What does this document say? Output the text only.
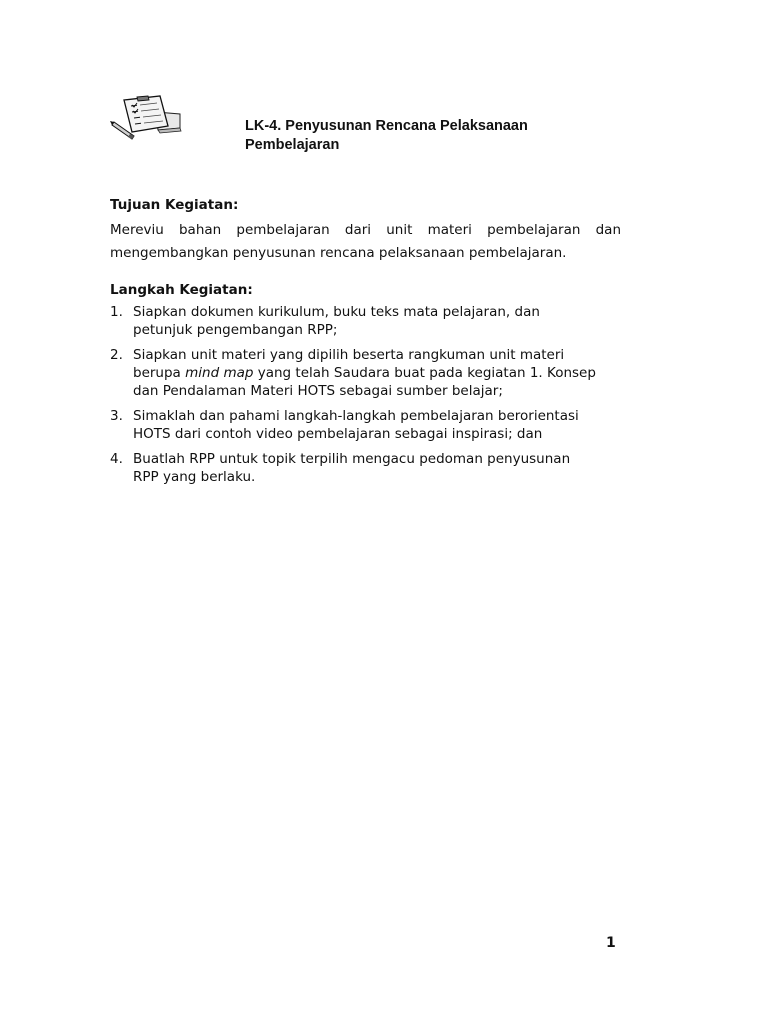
LK-4. Penyusunan Rencana Pelaksanaan
Pembelajaran
Tujuan Kegiatan:
Mereviu bahan pembelajaran dari unit materi pembelajaran dan
mengembangkan penyusunan rencana pelaksanaan pembelajaran.
Langkah Kegiatan:
1. Siapkan dokumen kurikulum, buku teks mata pelajaran, dan
petunjuk pengembangan RPP;
2. Siapkan unit materi yang dipilih beserta rangkuman unit materi
berupa mind map yang telah Saudara buat pada kegiatan 1. Konsep
dan Pendalaman Materi HOTS sebagai sumber belajar;
3. Simaklah dan pahami langkah-langkah pembelajaran berorientasi
HOTS dari contoh video pembelajaran sebagai inspirasi; dan
4. Buatlah RPP untuk topik terpilih mengacu pedoman penyusunan
RPP yang berlaku.
1
